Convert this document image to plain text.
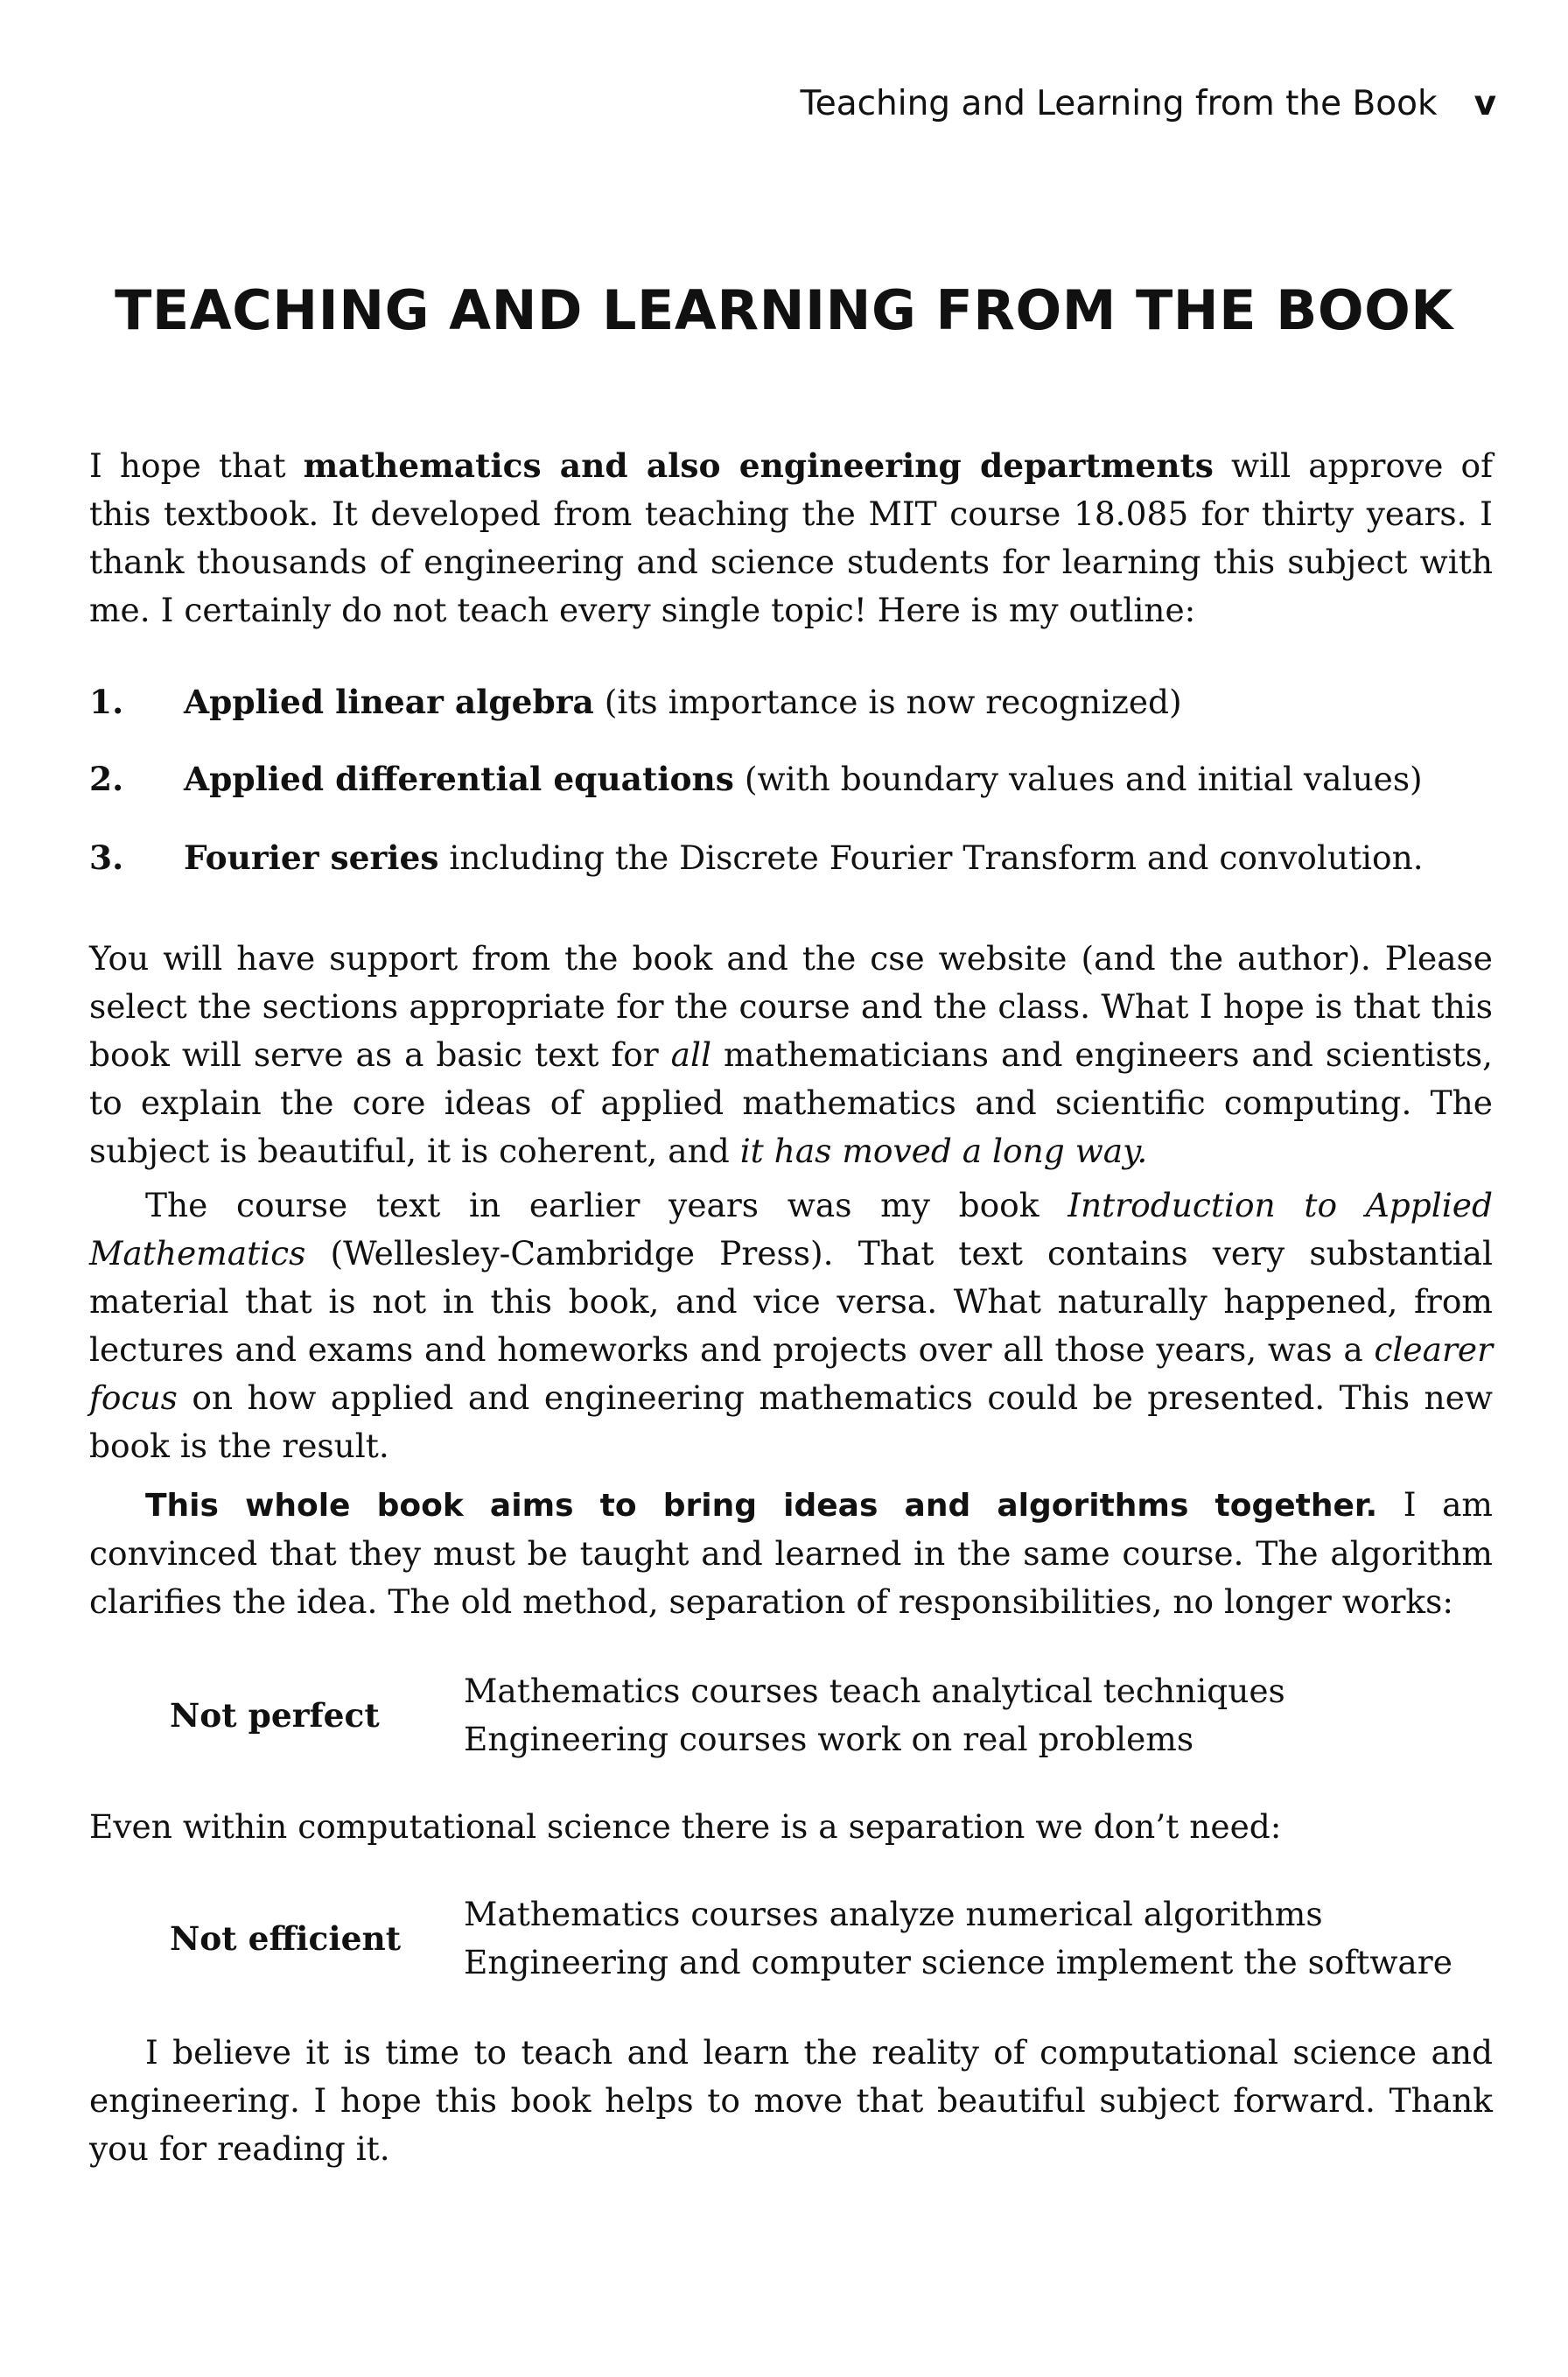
Teaching and Learning from the Book v
TEACHING AND LEARNING FROM THE BOOK

I hope that mathematics and also engineering departments will approve of this textbook. It developed from teaching the MIT course 18.085 for thirty years. I thank thousands of engineering and science students for learning this subject with me. I certainly do not teach every single topic! Here is my outline:

1. Applied linear algebra (its importance is now recognized)
2. Applied differential equations (with boundary values and initial values)
3. Fourier series including the Discrete Fourier Transform and convolution.

You will have support from the book and the cse website (and the author). Please select the sections appropriate for the course and the class. What I hope is that this book will serve as a basic text for all mathematicians and engineers and scientists, to explain the core ideas of applied mathematics and scientific computing. The subject is beautiful, it is coherent, and it has moved a long way.

The course text in earlier years was my book Introduction to Applied Mathematics (Wellesley-Cambridge Press). That text contains very substantial material that is not in this book, and vice versa. What naturally happened, from lectures and exams and homeworks and projects over all those years, was a clearer focus on how applied and engineering mathematics could be presented. This new book is the result.

This whole book aims to bring ideas and algorithms together. I am convinced that they must be taught and learned in the same course. The algorithm clarifies the idea. The old method, separation of responsibilities, no longer works:

Not perfect
Mathematics courses teach analytical techniques
Engineering courses work on real problems

Even within computational science there is a separation we don’t need:

Not efficient
Mathematics courses analyze numerical algorithms
Engineering and computer science implement the software

I believe it is time to teach and learn the reality of computational science and engineering. I hope this book helps to move that beautiful subject forward. Thank you for reading it.
